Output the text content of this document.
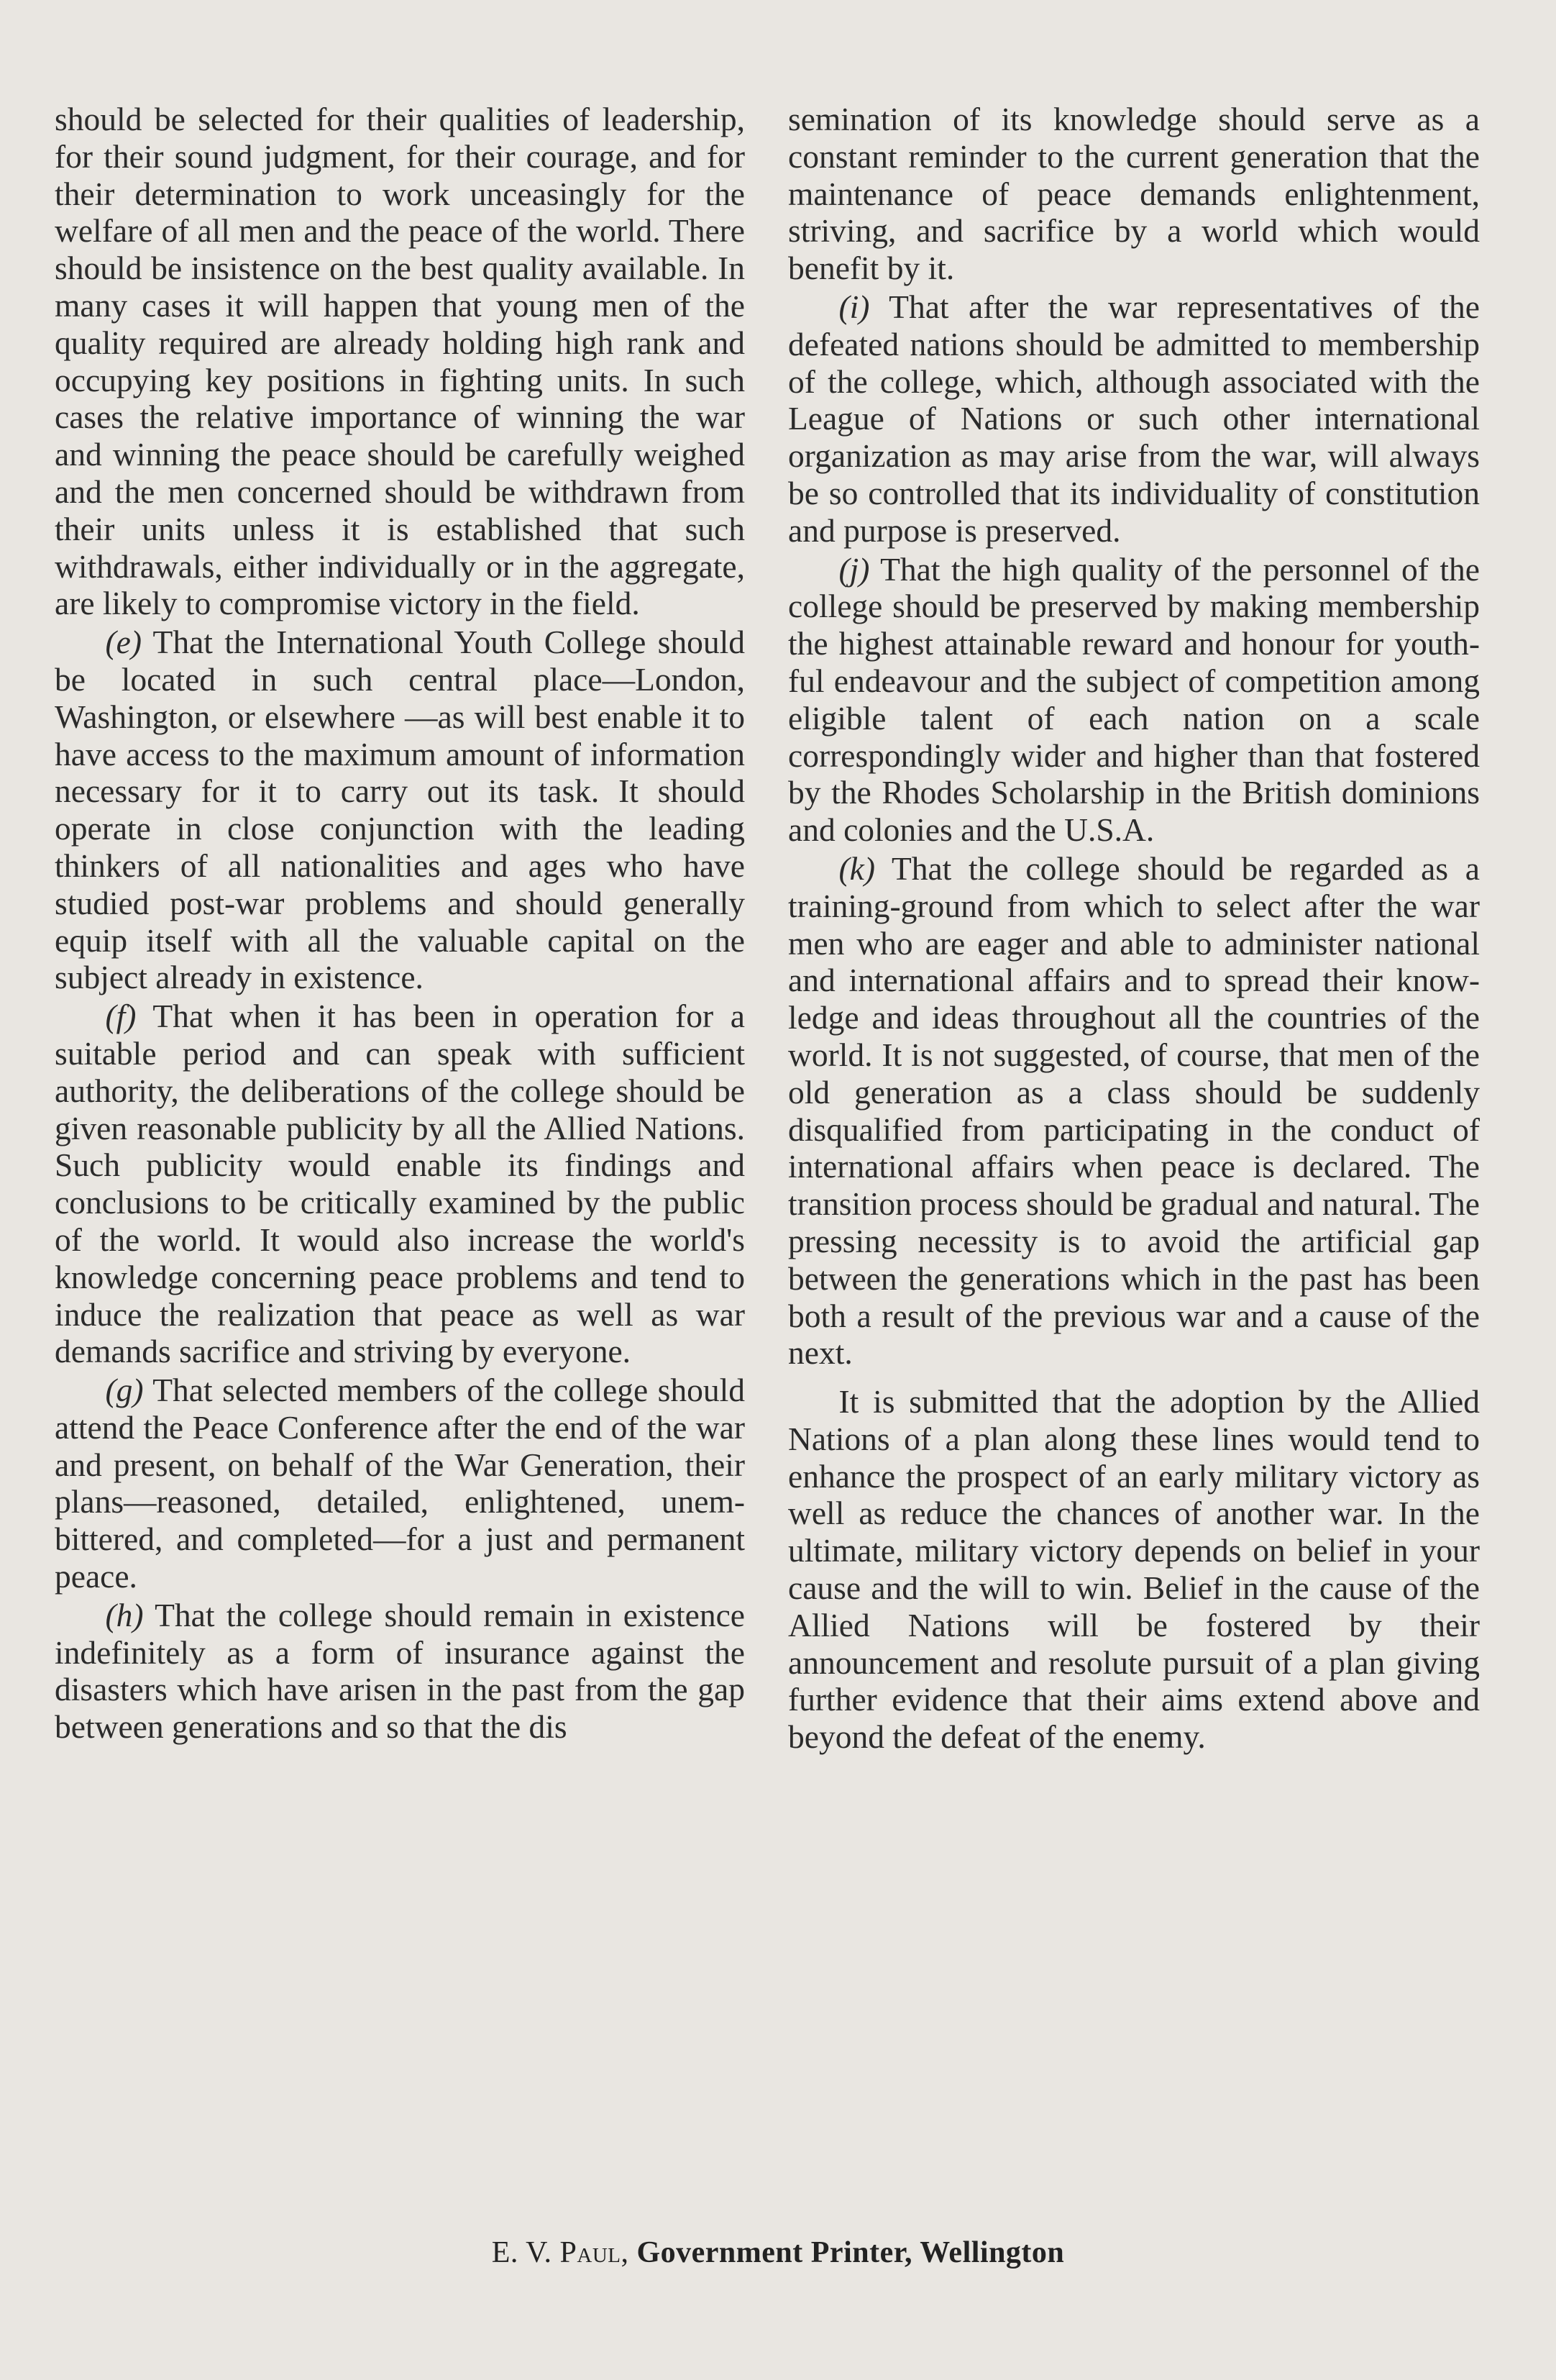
should be selected for their qualities of leadership, for their sound judgment, for their courage, and for their determination to work unceasingly for the welfare of all men and the peace of the world. There should be insistence on the best quality available. In many cases it will happen that young men of the quality required are already holding high rank and occupying key positions in fighting units. In such cases the relative importance of winning the war and winning the peace should be carefully weighed and the men concerned should be withdrawn from their units unless it is established that such withdrawals, either individually or in the aggregate, are likely to compromise victory in the field.

(e) That the International Youth College should be located in such central place—London, Washington, or elsewhere —as will best enable it to have access to the maximum amount of information necessary for it to carry out its task. It should operate in close conjunction with the leading thinkers of all nationalities and ages who have studied post-war problems and should generally equip itself with all the valuable capital on the subject already in existence.

(f) That when it has been in operation for a suitable period and can speak with sufficient authority, the deliberations of the college should be given reasonable publicity by all the Allied Nations. Such publicity would enable its findings and conclusions to be critically examined by the public of the world. It would also increase the world's knowledge concerning peace problems and tend to induce the realization that peace as well as war demands sacrifice and striving by everyone.

(g) That selected members of the college should attend the Peace Conference after the end of the war and present, on behalf of the War Generation, their plans—reasoned, detailed, enlightened, unembittered, and completed—for a just and permanent peace.

(h) That the college should remain in existence indefinitely as a form of insurance against the disasters which have arisen in the past from the gap between generations and so that the dis

semination of its knowledge should serve as a constant reminder to the current generation that the maintenance of peace demands enlightenment, striving, and sacrifice by a world which would benefit by it.

(i) That after the war representatives of the defeated nations should be admitted to membership of the college, which, although associated with the League of Nations or such other international organization as may arise from the war, will always be so controlled that its individuality of constitution and purpose is preserved.

(j) That the high quality of the personnel of the college should be preserved by making membership the highest attainable reward and honour for youthful endeavour and the subject of competition among eligible talent of each nation on a scale correspondingly wider and higher than that fostered by the Rhodes Scholarship in the British dominions and colonies and the U.S.A.

(k) That the college should be regarded as a training-ground from which to select after the war men who are eager and able to administer national and international affairs and to spread their knowledge and ideas throughout all the countries of the world. It is not suggested, of course, that men of the old generation as a class should be suddenly disqualified from participating in the conduct of international affairs when peace is declared. The transition process should be gradual and natural. The pressing necessity is to avoid the artificial gap between the generations which in the past has been both a result of the previous war and a cause of the next.

It is submitted that the adoption by the Allied Nations of a plan along these lines would tend to enhance the prospect of an early military victory as well as reduce the chances of another war. In the ultimate, military victory depends on belief in your cause and the will to win. Belief in the cause of the Allied Nations will be fostered by their announcement and resolute pursuit of a plan giving further evidence that their aims extend above and beyond the defeat of the enemy.

E. V. Paul, Government Printer, Wellington
